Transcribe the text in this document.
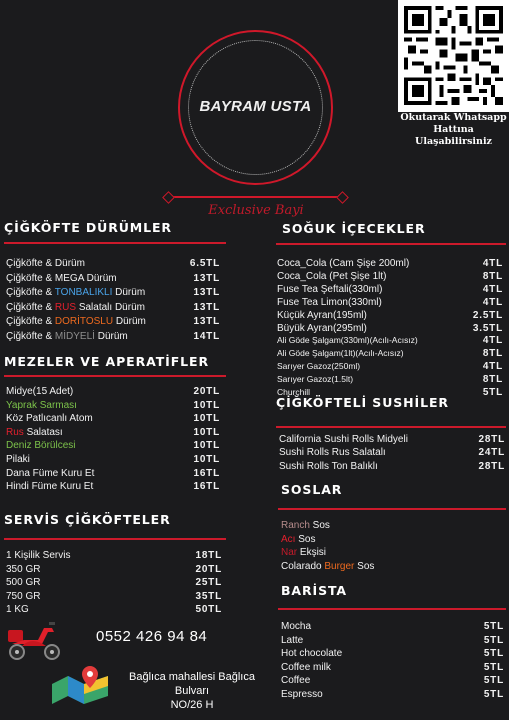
Okutarak Whatsapp
Hattına
Ulaşabilirsiniz
BAYRAM USTA
Exclusive Bayi
ÇİĞKÖFTE DÜRÜMLER
Çiğköfte & Dürüm	6.5TL
Çiğköfte & MEGA Dürüm	13TL
Çiğköfte & TONBALIKLI Dürüm	13TL
Çiğköfte & RUS Salatalı Dürüm	13TL
Çiğköfte & DORİTOSLU Dürüm	13TL
Çiğköfte & MİDYELİ Dürüm	14TL
MEZELER VE APERATİFLER
Midye(15 Adet)	20TL
Yaprak Sarması	10TL
Köz Patlıcanlı Atom	10TL
Rus Salatası	10TL
Deniz Börülcesi	10TL
Pilaki	10TL
Dana Füme Kuru Et	16TL
Hindi Füme Kuru Et	16TL
SERVİS ÇİĞKÖFTELER
1 Kişilik Servis	18TL
350 GR	20TL
500 GR	25TL
750 GR	35TL
1 KG	50TL
0552 426 94 84
Bağlıca mahallesi Bağlıca Bulvarı
NO/26 H
SOĞUK İÇECEKLER
Coca_Cola (Cam Şişe 200ml)	4TL
Coca_Cola (Pet Şişe 1lt)	8TL
Fuse Tea Şeftali(330ml)	4TL
Fuse Tea Limon(330ml)	4TL
Küçük Ayran(195ml)	2.5TL
Büyük Ayran(295ml)	3.5TL
Ali Göde Şalgam(330ml)(Acılı-Acısız)	4TL
Ali Göde Şalgam(1lt)(Acılı-Acısız)	8TL
Sarıyer Gazoz(250ml)	4TL
Sarıyer Gazoz(1.5lt)	8TL
Churchill	5TL
ÇİĞKÖFTELİ SUSHİLER
California Sushi Rolls Midyeli	28TL
Sushi Rolls Rus Salatalı	24TL
Sushi Rolls Ton Balıklı	28TL
SOSLAR
Ranch Sos
Acı Sos
Nar Ekşisi
Colarado Burger Sos
BARİSTA
Mocha	5TL
Latte	5TL
Hot chocolate	5TL
Coffee milk	5TL
Coffee	5TL
Espresso	5TL
